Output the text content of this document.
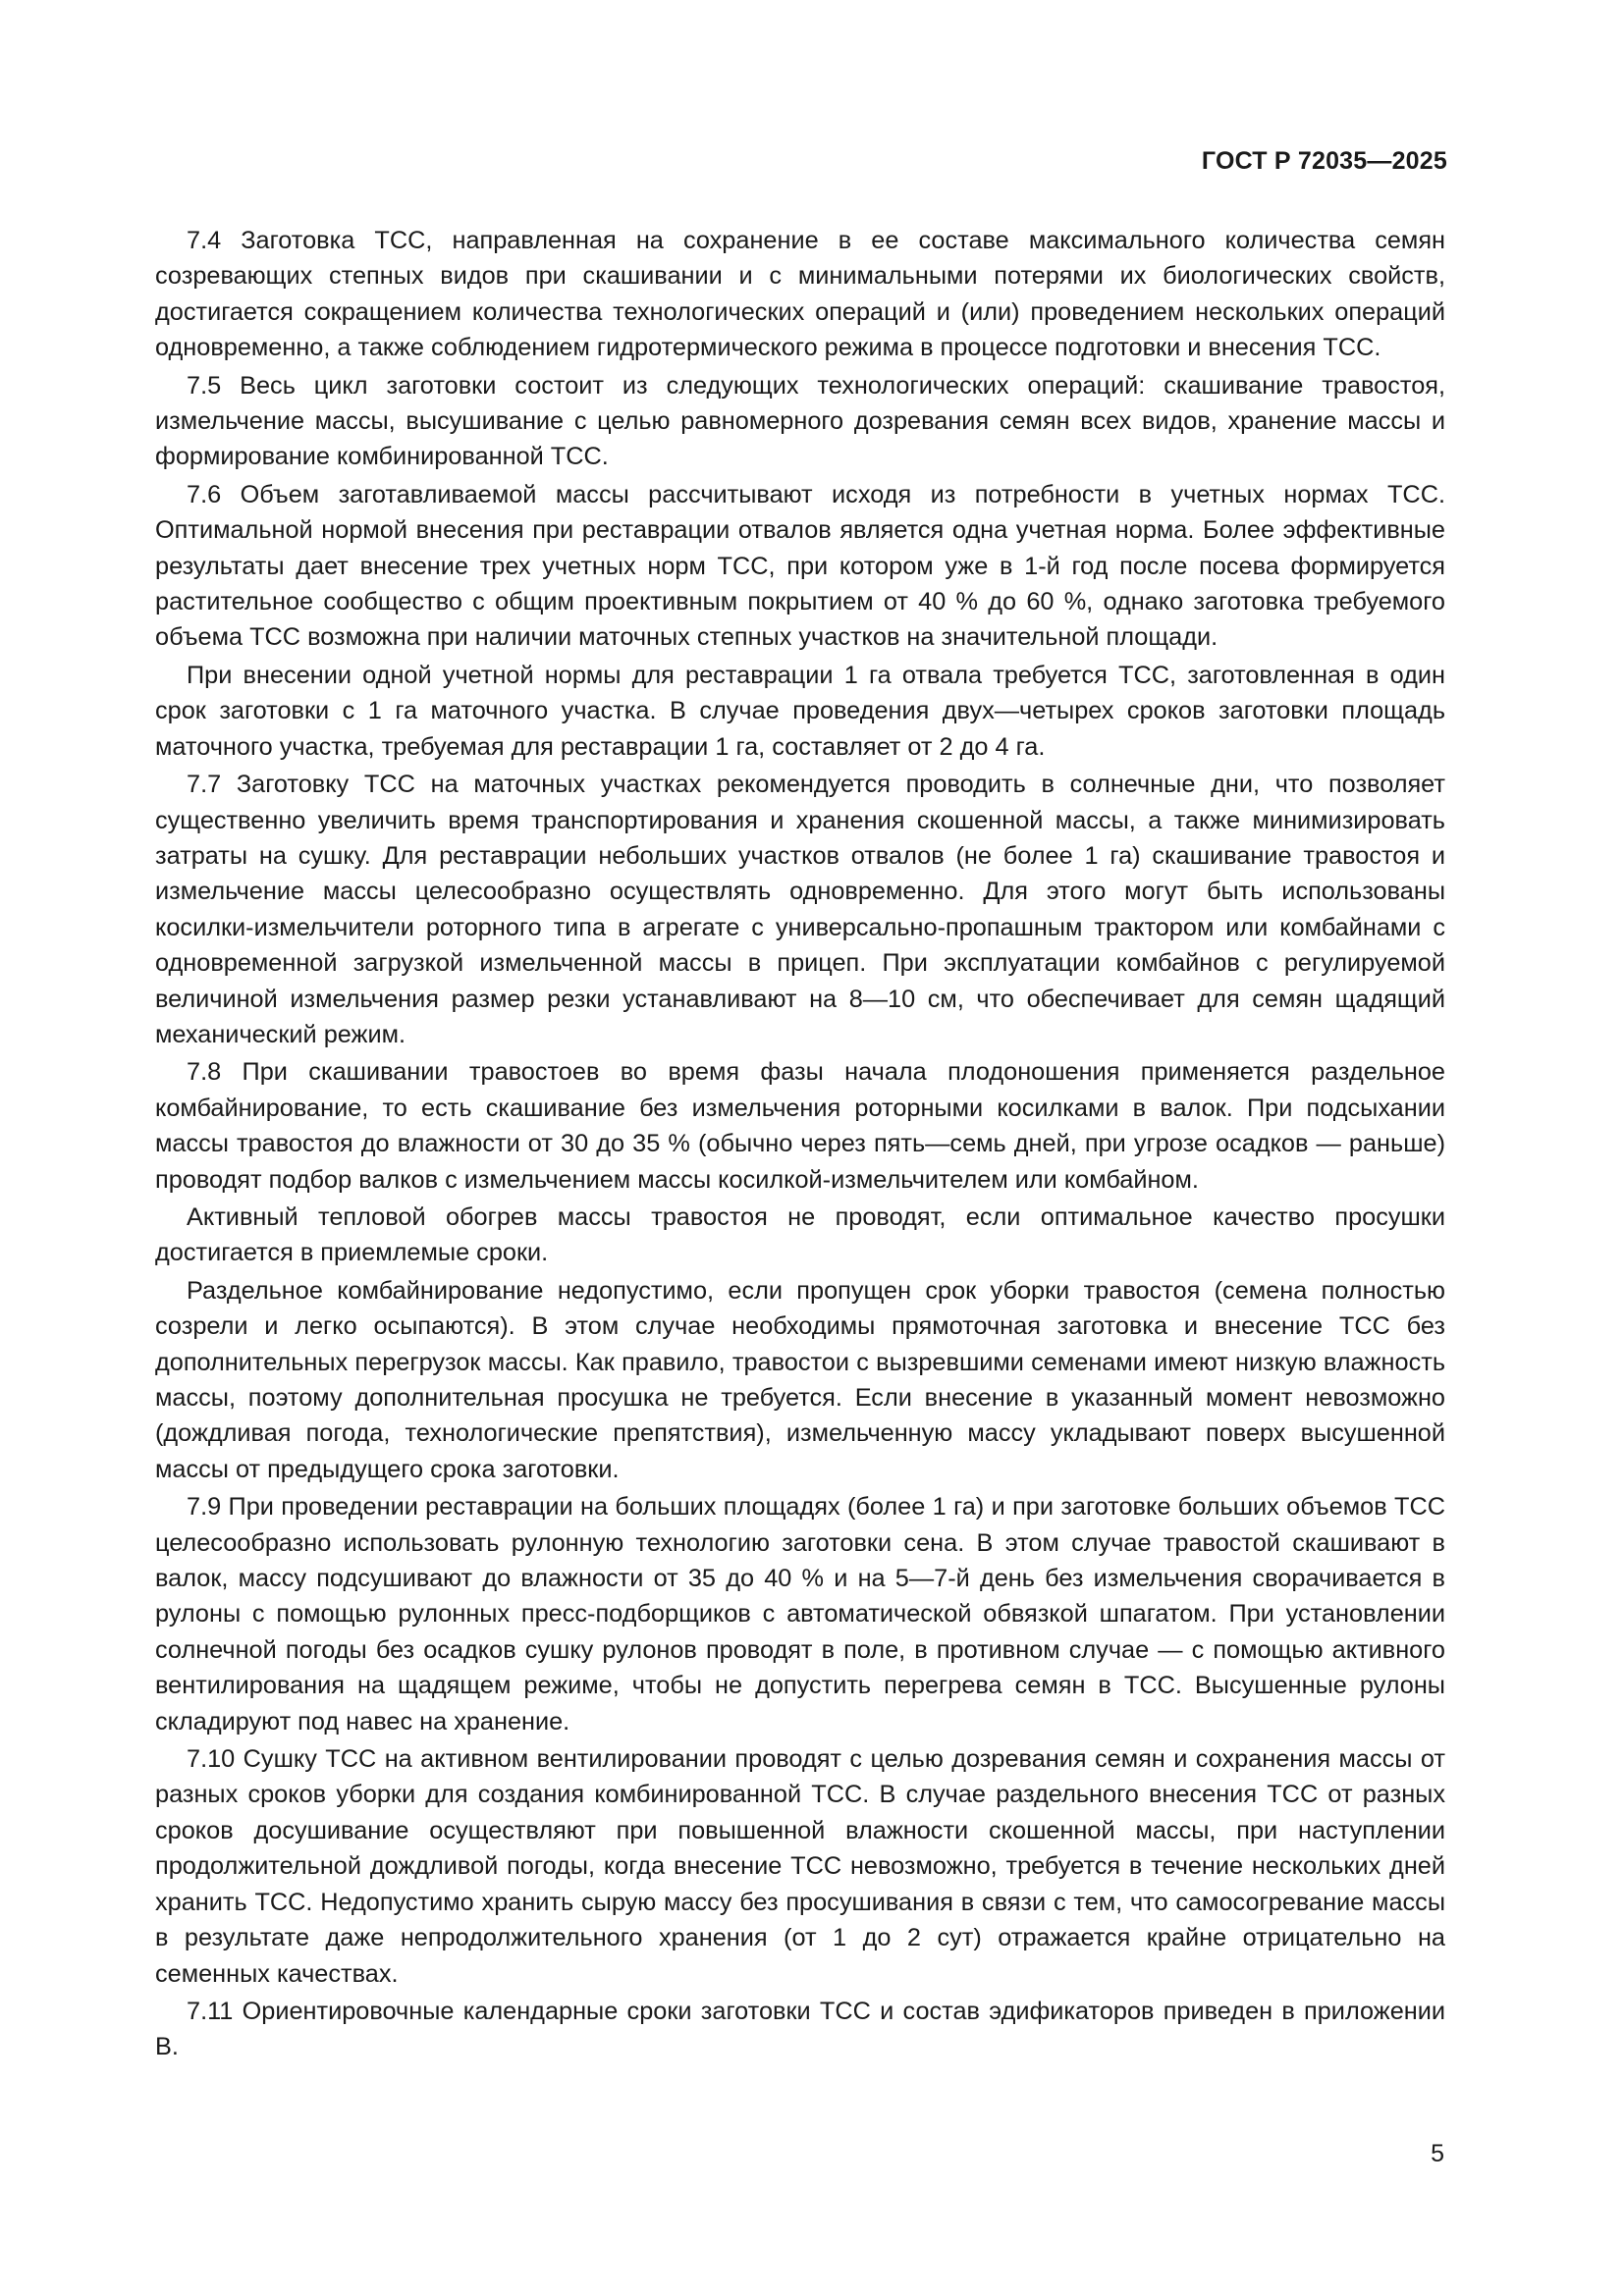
ГОСТ Р 72035—2025

7.4 Заготовка ТСС, направленная на сохранение в ее составе максимального количества семян созревающих степных видов при скашивании и с минимальными потерями их биологических свойств, достигается сокращением количества технологических операций и (или) проведением нескольких операций одновременно, а также соблюдением гидротермического режима в процессе подготовки и внесения ТСС.

7.5 Весь цикл заготовки состоит из следующих технологических операций: скашивание травостоя, измельчение массы, высушивание с целью равномерного дозревания семян всех видов, хранение массы и формирование комбинированной ТСС.

7.6 Объем заготавливаемой массы рассчитывают исходя из потребности в учетных нормах ТСС. Оптимальной нормой внесения при реставрации отвалов является одна учетная норма. Более эффективные результаты дает внесение трех учетных норм ТСС, при котором уже в 1-й год после посева формируется растительное сообщество с общим проективным покрытием от 40 % до 60 %, однако заготовка требуемого объема ТСС возможна при наличии маточных степных участков на значительной площади.

При внесении одной учетной нормы для реставрации 1 га отвала требуется ТСС, заготовленная в один срок заготовки с 1 га маточного участка. В случае проведения двух—четырех сроков заготовки площадь маточного участка, требуемая для реставрации 1 га, составляет от 2 до 4 га.

7.7 Заготовку ТСС на маточных участках рекомендуется проводить в солнечные дни, что позволяет существенно увеличить время транспортирования и хранения скошенной массы, а также минимизировать затраты на сушку. Для реставрации небольших участков отвалов (не более 1 га) скашивание травостоя и измельчение массы целесообразно осуществлять одновременно. Для этого могут быть использованы косилки-измельчители роторного типа в агрегате с универсально-пропашным трактором или комбайнами с одновременной загрузкой измельченной массы в прицеп. При эксплуатации комбайнов с регулируемой величиной измельчения размер резки устанавливают на 8—10 см, что обеспечивает для семян щадящий механический режим.

7.8 При скашивании травостоев во время фазы начала плодоношения применяется раздельное комбайнирование, то есть скашивание без измельчения роторными косилками в валок. При подсыхании массы травостоя до влажности от 30 до 35 % (обычно через пять—семь дней, при угрозе осадков — раньше) проводят подбор валков с измельчением массы косилкой-измельчителем или комбайном.

Активный тепловой обогрев массы травостоя не проводят, если оптимальное качество просушки достигается в приемлемые сроки.

Раздельное комбайнирование недопустимо, если пропущен срок уборки травостоя (семена полностью созрели и легко осыпаются). В этом случае необходимы прямоточная заготовка и внесение ТСС без дополнительных перегрузок массы. Как правило, травостои с вызревшими семенами имеют низкую влажность массы, поэтому дополнительная просушка не требуется. Если внесение в указанный момент невозможно (дождливая погода, технологические препятствия), измельченную массу укладывают поверх высушенной массы от предыдущего срока заготовки.

7.9 При проведении реставрации на больших площадях (более 1 га) и при заготовке больших объемов ТСС целесообразно использовать рулонную технологию заготовки сена. В этом случае травостой скашивают в валок, массу подсушивают до влажности от 35 до 40 % и на 5—7-й день без измельчения сворачивается в рулоны с помощью рулонных пресс-подборщиков с автоматической обвязкой шпагатом. При установлении солнечной погоды без осадков сушку рулонов проводят в поле, в противном случае — с помощью активного вентилирования на щадящем режиме, чтобы не допустить перегрева семян в ТСС. Высушенные рулоны складируют под навес на хранение.

7.10 Сушку ТСС на активном вентилировании проводят с целью дозревания семян и сохранения массы от разных сроков уборки для создания комбинированной ТСС. В случае раздельного внесения ТСС от разных сроков досушивание осуществляют при повышенной влажности скошенной массы, при наступлении продолжительной дождливой погоды, когда внесение ТСС невозможно, требуется в течение нескольких дней хранить ТСС. Недопустимо хранить сырую массу без просушивания в связи с тем, что самосогревание массы в результате даже непродолжительного хранения (от 1 до 2 сут) отражается крайне отрицательно на семенных качествах.

7.11 Ориентировочные календарные сроки заготовки ТСС и состав эдификаторов приведен в приложении В.

5
